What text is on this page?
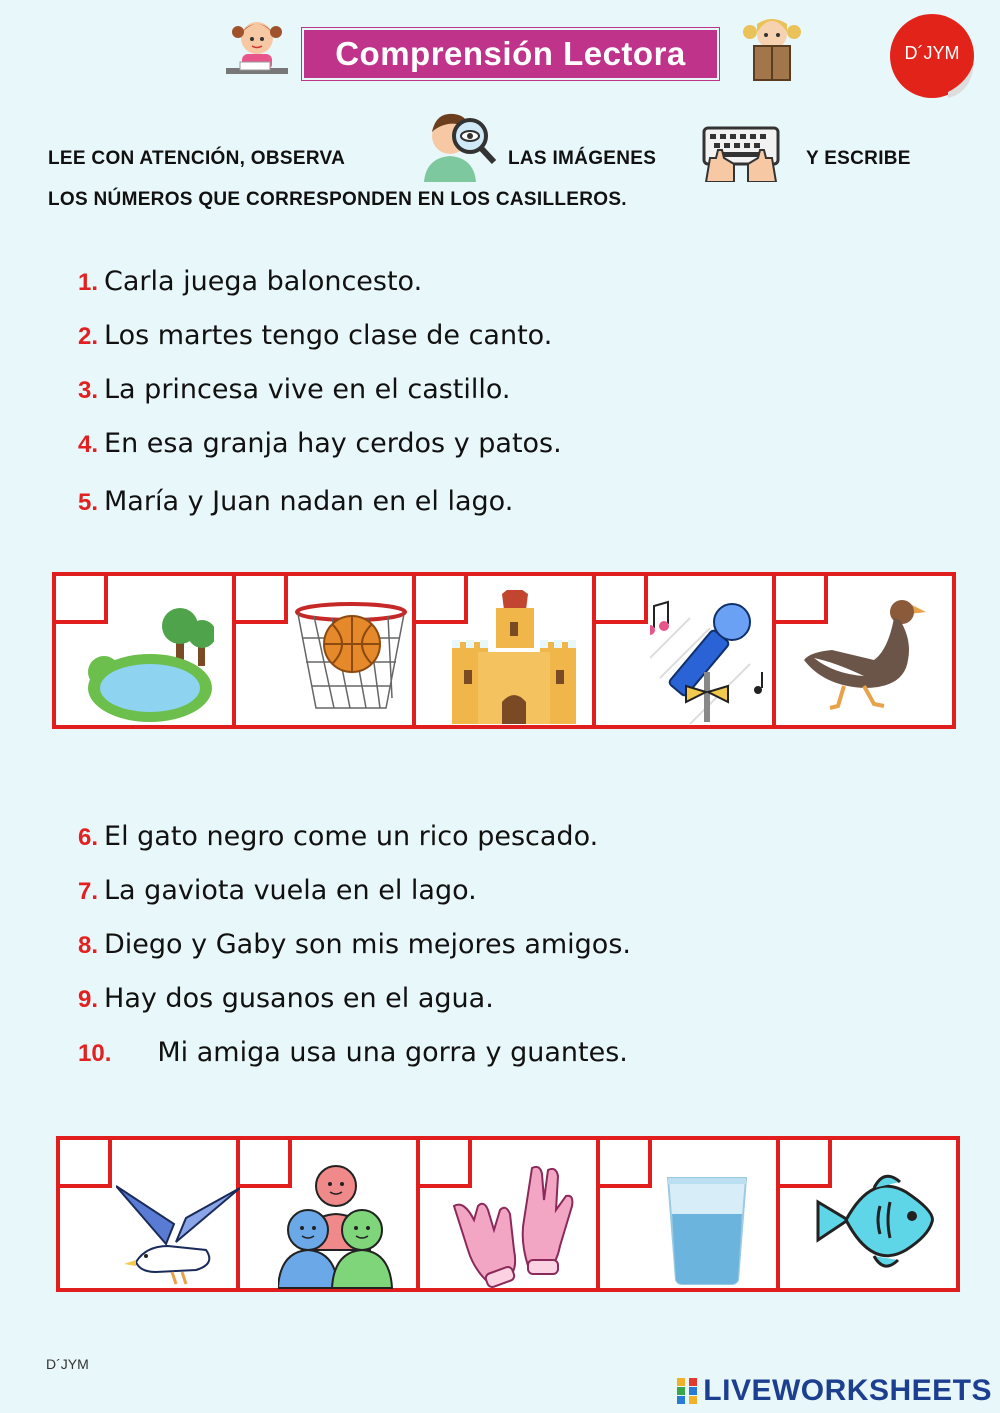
Comprensión Lectora	D´JYM
LEE CON ATENCIÓN, OBSERVA	LAS IMÁGENES	Y ESCRIBE
LOS NÚMEROS QUE CORRESPONDEN EN LOS CASILLEROS.
1. Carla juega baloncesto.
2. Los martes tengo clase de canto.
3. La princesa vive en el castillo.
4. En esa granja hay cerdos y patos.
5. María y Juan nadan en el lago.
6. El gato negro come un rico pescado.
7. La gaviota vuela en el lago.
8. Diego y Gaby son mis mejores amigos.
9. Hay dos gusanos en el agua.
10. Mi amiga usa una gorra y guantes.
D´JYM
LIVEWORKSHEETS
